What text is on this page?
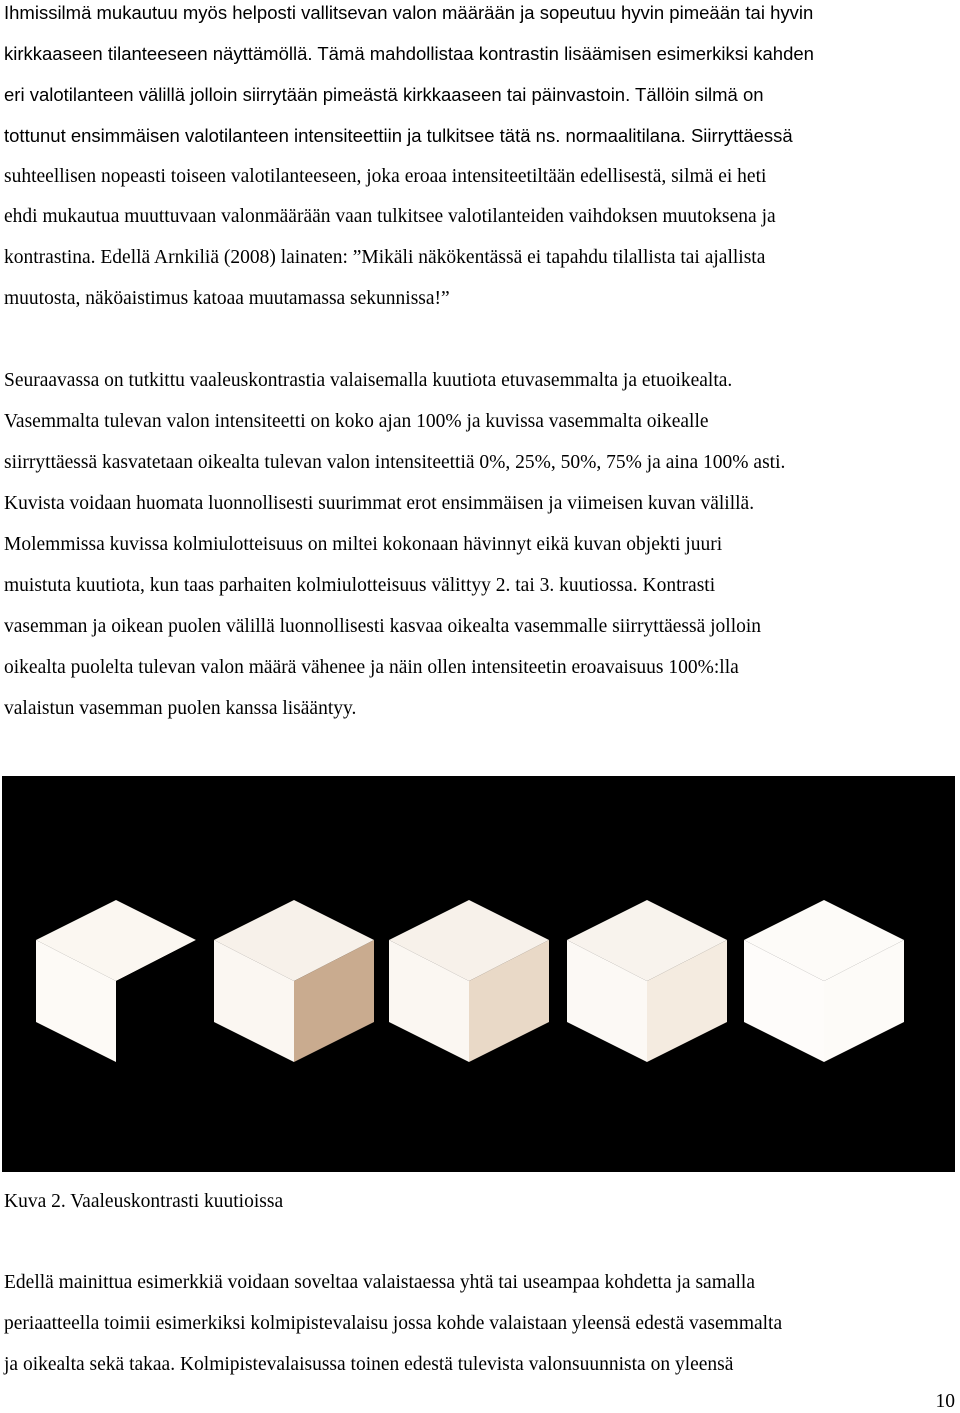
Ihmissilmä mukautuu myös helposti vallitsevan valon määrään ja sopeutuu hyvin pimeään tai hyvin
kirkkaaseen tilanteeseen näyttämöllä. Tämä mahdollistaa kontrastin lisäämisen esimerkiksi kahden
eri valotilanteen välillä jolloin siirrytään pimeästä kirkkaaseen tai päinvastoin. Tällöin silmä on
tottunut ensimmäisen valotilanteen intensiteettiin ja tulkitsee tätä ns. normaalitilana. Siirryttäessä
suhteellisen nopeasti toiseen valotilanteeseen, joka eroaa intensiteetiltään edellisestä, silmä ei heti
ehdi mukautua muuttuvaan valonmäärään vaan tulkitsee valotilanteiden vaihdoksen muutoksena ja
kontrastina. Edellä Arnkiliä (2008) lainaten: ”Mikäli näkökentässä ei tapahdu tilallista tai ajallista
muutosta, näköaistimus katoaa muutamassa sekunnissa!”
Seuraavassa on tutkittu vaaleuskontrastia valaisemalla kuutiota etuvasemmalta ja etuoikealta.
Vasemmalta tulevan valon intensiteetti on koko ajan 100% ja kuvissa vasemmalta oikealle
siirryttäessä kasvatetaan oikealta tulevan valon intensiteettiä 0%, 25%, 50%, 75% ja aina 100% asti.
Kuvista voidaan huomata luonnollisesti suurimmat erot ensimmäisen ja viimeisen kuvan välillä.
Molemmissa kuvissa kolmiulotteisuus on miltei kokonaan hävinnyt eikä kuvan objekti juuri
muistuta kuutiota, kun taas parhaiten kolmiulotteisuus välittyy 2. tai 3. kuutiossa. Kontrasti
vasemman ja oikean puolen välillä luonnollisesti kasvaa oikealta vasemmalle siirryttäessä jolloin
oikealta puolelta tulevan valon määrä vähenee ja näin ollen intensiteetin eroavaisuus 100%:lla
valaistun vasemman puolen kanssa lisääntyy.
Kuva 2. Vaaleuskontrasti kuutioissa
Edellä mainittua esimerkkiä voidaan soveltaa valaistaessa yhtä tai useampaa kohdetta ja samalla
periaatteella toimii esimerkiksi kolmipistevalaisu jossa kohde valaistaan yleensä edestä vasemmalta
ja oikealta sekä takaa. Kolmipistevalaisussa toinen edestä tulevista valonsuunnista on yleensä
10
